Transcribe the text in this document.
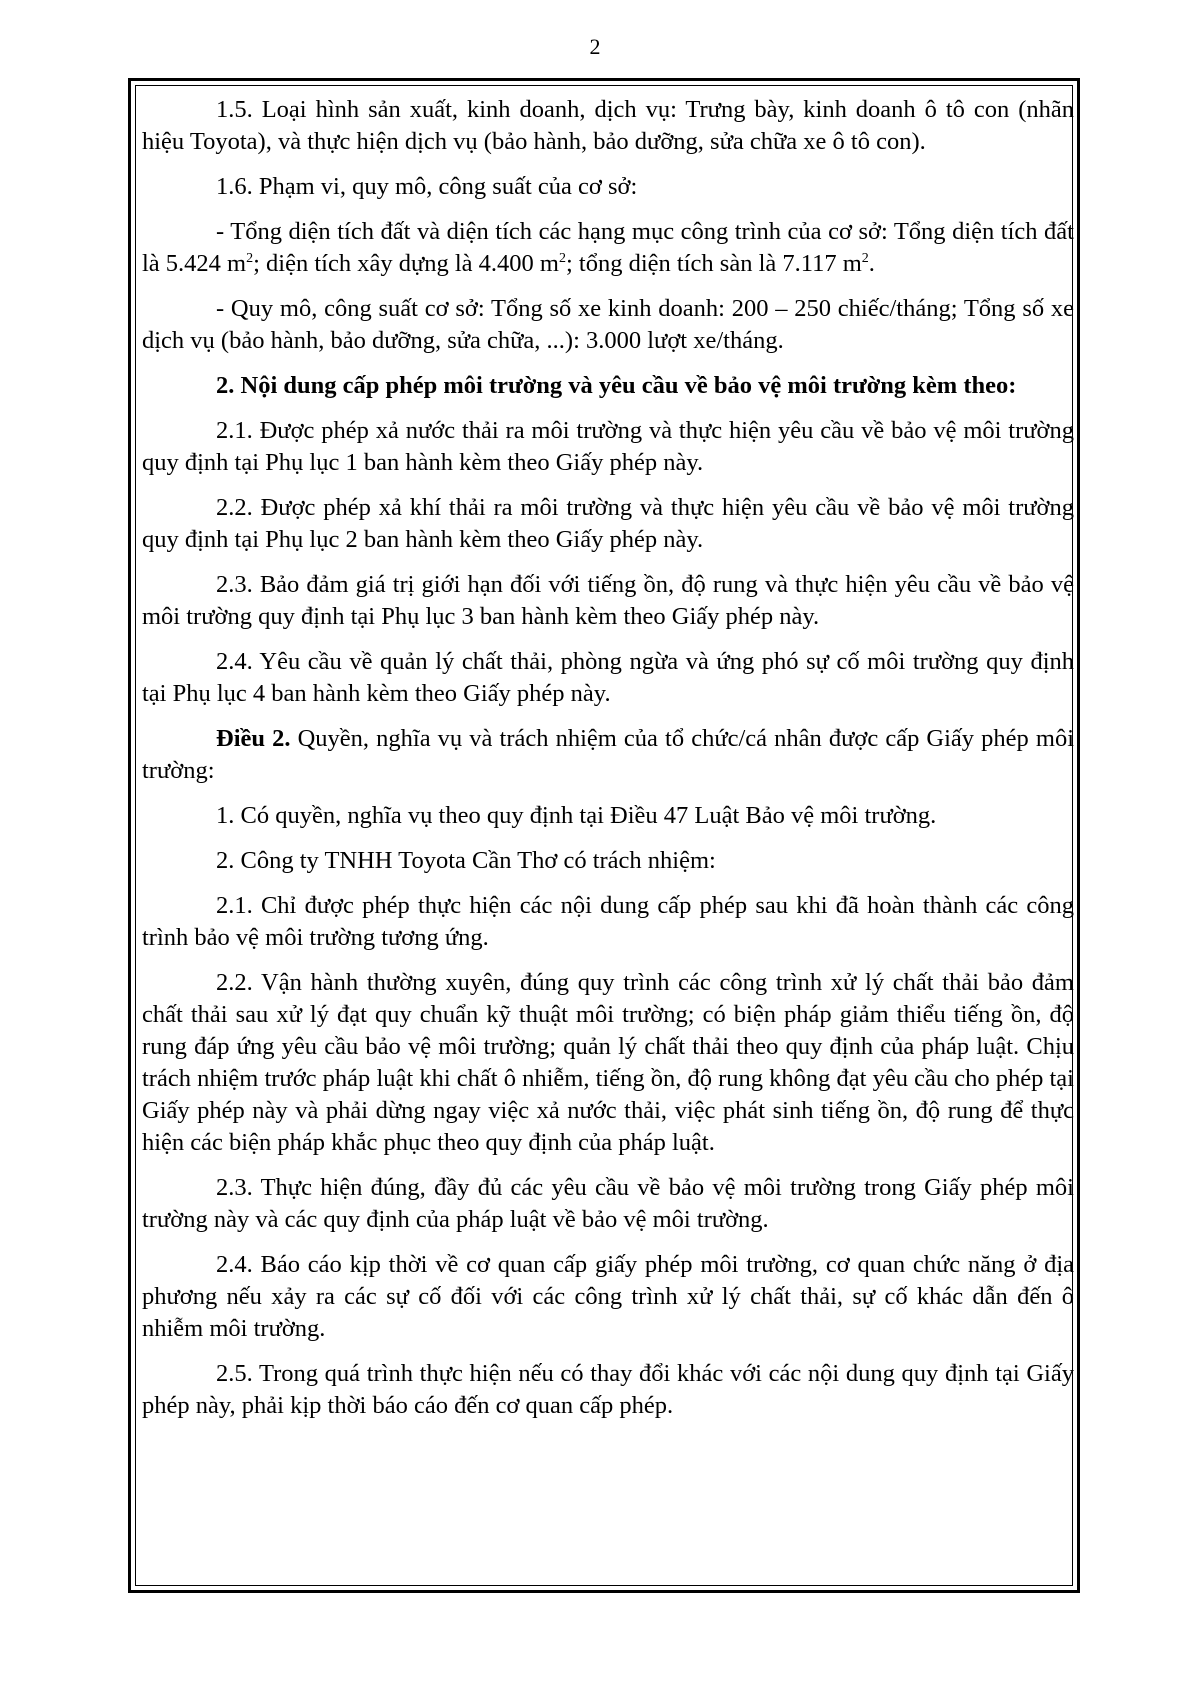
2

1.5. Loại hình sản xuất, kinh doanh, dịch vụ: Trưng bày, kinh doanh ô tô con (nhãn hiệu Toyota), và thực hiện dịch vụ (bảo hành, bảo dưỡng, sửa chữa xe ô tô con).

1.6. Phạm vi, quy mô, công suất của cơ sở:

- Tổng diện tích đất và diện tích các hạng mục công trình của cơ sở: Tổng diện tích đất là 5.424 $m^2$; diện tích xây dựng là 4.400 $m^2$; tổng diện tích sàn là 7.117 $m^2$.

- Quy mô, công suất cơ sở: Tổng số xe kinh doanh: 200 – 250 chiếc/tháng; Tổng số xe dịch vụ (bảo hành, bảo dưỡng, sửa chữa, ...): 3.000 lượt xe/tháng.

2. Nội dung cấp phép môi trường và yêu cầu về bảo vệ môi trường kèm theo:

2.1. Được phép xả nước thải ra môi trường và thực hiện yêu cầu về bảo vệ môi trường quy định tại Phụ lục 1 ban hành kèm theo Giấy phép này.

2.2. Được phép xả khí thải ra môi trường và thực hiện yêu cầu về bảo vệ môi trường quy định tại Phụ lục 2 ban hành kèm theo Giấy phép này.

2.3. Bảo đảm giá trị giới hạn đối với tiếng ồn, độ rung và thực hiện yêu cầu về bảo vệ môi trường quy định tại Phụ lục 3 ban hành kèm theo Giấy phép này.

2.4. Yêu cầu về quản lý chất thải, phòng ngừa và ứng phó sự cố môi trường quy định tại Phụ lục 4 ban hành kèm theo Giấy phép này.

Điều 2. Quyền, nghĩa vụ và trách nhiệm của tổ chức/cá nhân được cấp Giấy phép môi trường:

1. Có quyền, nghĩa vụ theo quy định tại Điều 47 Luật Bảo vệ môi trường.

2. Công ty TNHH Toyota Cần Thơ có trách nhiệm:

2.1. Chỉ được phép thực hiện các nội dung cấp phép sau khi đã hoàn thành các công trình bảo vệ môi trường tương ứng.

2.2. Vận hành thường xuyên, đúng quy trình các công trình xử lý chất thải bảo đảm chất thải sau xử lý đạt quy chuẩn kỹ thuật môi trường; có biện pháp giảm thiểu tiếng ồn, độ rung đáp ứng yêu cầu bảo vệ môi trường; quản lý chất thải theo quy định của pháp luật. Chịu trách nhiệm trước pháp luật khi chất ô nhiễm, tiếng ồn, độ rung không đạt yêu cầu cho phép tại Giấy phép này và phải dừng ngay việc xả nước thải, việc phát sinh tiếng ồn, độ rung để thực hiện các biện pháp khắc phục theo quy định của pháp luật.

2.3. Thực hiện đúng, đầy đủ các yêu cầu về bảo vệ môi trường trong Giấy phép môi trường này và các quy định của pháp luật về bảo vệ môi trường.

2.4. Báo cáo kịp thời về cơ quan cấp giấy phép môi trường, cơ quan chức năng ở địa phương nếu xảy ra các sự cố đối với các công trình xử lý chất thải, sự cố khác dẫn đến ô nhiễm môi trường.

2.5. Trong quá trình thực hiện nếu có thay đổi khác với các nội dung quy định tại Giấy phép này, phải kịp thời báo cáo đến cơ quan cấp phép.
